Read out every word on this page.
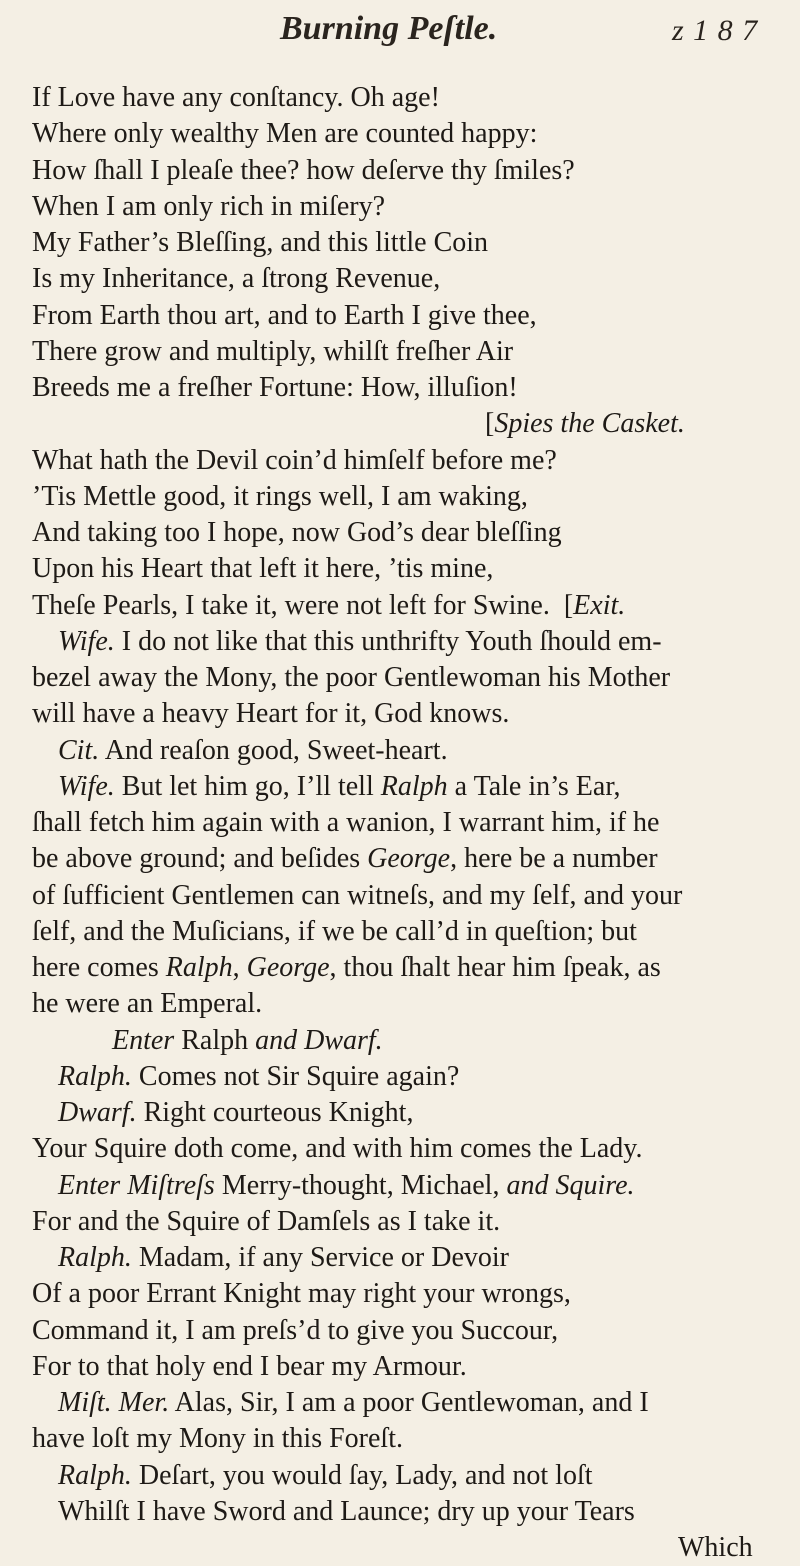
Burning Peſtle.	z 1 8 7
If Love have any conſtancy. Oh age!
Where only wealthy Men are counted happy:
How ſhall I pleaſe thee? how deſerve thy ſmiles?
When I am only rich in miſery?
My Father’s Bleſſing, and this little Coin
Is my Inheritance, a ſtrong Revenue,
From Earth thou art, and to Earth I give thee,
There grow and multiply, whilſt freſher Air
Breeds me a freſher Fortune: How, illuſion!
[Spies the Casket.
What hath the Devil coin’d himſelf before me?
’Tis Mettle good, it rings well, I am waking,
And taking too I hope, now God’s dear bleſſing
Upon his Heart that left it here, ’tis mine,
Theſe Pearls, I take it, were not left for Swine.  [Exit.
Wife. I do not like that this unthrifty Youth ſhould em-
bezel away the Mony, the poor Gentlewoman his Mother
will have a heavy Heart for it, God knows.
Cit. And reaſon good, Sweet-heart.
Wife. But let him go, I’ll tell Ralph a Tale in’s Ear,
ſhall fetch him again with a wanion, I warrant him, if he
be above ground; and beſides George, here be a number
of ſufficient Gentlemen can witneſs, and my ſelf, and your
ſelf, and the Muſicians, if we be call’d in queſtion; but
here comes Ralph, George, thou ſhalt hear him ſpeak, as
he were an Emperal.
Enter Ralph and Dwarf.
Ralph. Comes not Sir Squire again?
Dwarf. Right courteous Knight,
Your Squire doth come, and with him comes the Lady.
Enter Miſtreſs Merry-thought, Michael, and Squire.
For and the Squire of Damſels as I take it.
Ralph. Madam, if any Service or Devoir
Of a poor Errant Knight may right your wrongs,
Command it, I am preſs’d to give you Succour,
For to that holy end I bear my Armour.
Miſt. Mer. Alas, Sir, I am a poor Gentlewoman, and I
have loſt my Mony in this Foreſt.
Ralph. Deſart, you would ſay, Lady, and not loſt
Whilſt I have Sword and Launce; dry up your Tears
Which
